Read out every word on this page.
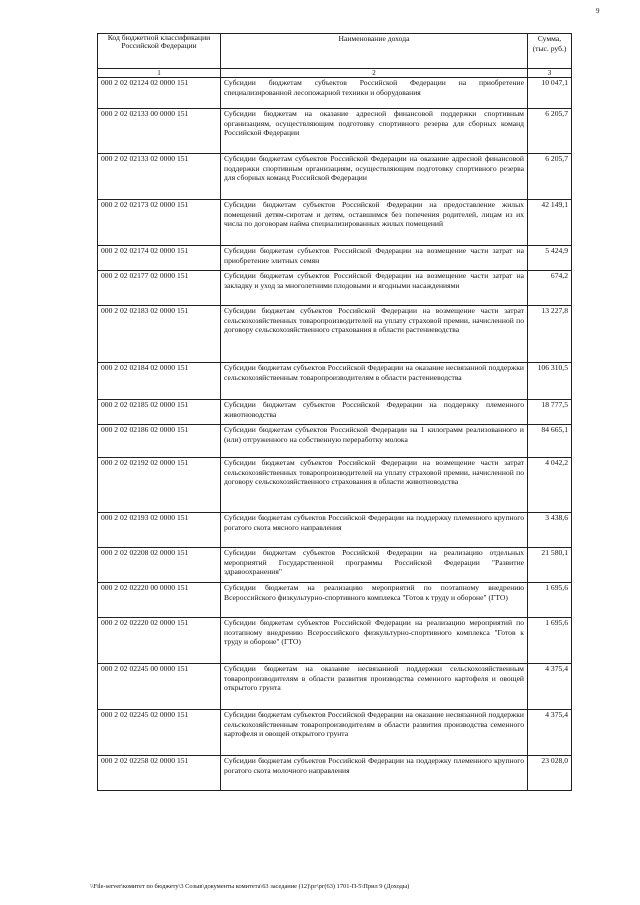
9
Код бюджетной классификации Российской Федерации	Наименование дохода	Сумма, (тыс. руб.)
1	2	3
000 2 02 02124 02 0000 151	Субсидии бюджетам субъектов Российской Федерации на приобретение специализированной лесопожарной техники и оборудования	10 047,1
000 2 02 02133 00 0000 151	Субсидии бюджетам на оказание адресной финансовой поддержки спортивным организациям, осуществляющим подготовку спортивного резерва для сборных команд Российской Федерации	6 205,7
000 2 02 02133 02 0000 151	Субсидии бюджетам субъектов Российской Федерации на оказание адресной финансовой поддержки спортивным организациям, осуществляющим подготовку спортивного резерва для сборных команд Российской Федерации	6 205,7
000 2 02 02173 02 0000 151	Субсидии бюджетам субъектов Российской Федерации на предоставление жилых помещений детям-сиротам и детям, оставшимся без попечения родителей, лицам из их числа по договорам найма специализированных жилых помещений	42 149,1
000 2 02 02174 02 0000 151	Субсидии бюджетам субъектов Российской Федерации на возмещение части затрат на приобретение элитных семян	5 424,9
000 2 02 02177 02 0000 151	Субсидии бюджетам субъектов Российской Федерации на возмещение части затрат на закладку и уход за многолетними плодовыми и ягодными насаждениями	674,2
000 2 02 02183 02 0000 151	Субсидии бюджетам субъектов Российской Федерации на возмещение части затрат сельскохозяйственных товаропроизводителей на уплату страховой премии, начисленной по договору сельскохозяйственного страхования в области растениеводства	13 227,8
000 2 02 02184 02 0000 151	Субсидии бюджетам субъектов Российской Федерации на оказание несвязанной поддержки сельскохозяйственным товаропроизводителям в области растениеводства	106 310,5
000 2 02 02185 02 0000 151	Субсидии бюджетам субъектов Российской Федерации на поддержку племенного животноводства	18 777,5
000 2 02 02186 02 0000 151	Субсидии бюджетам субъектов Российской Федерации на 1 килограмм реализованного и (или) отгруженного на собственную переработку молока	84 665,1
000 2 02 02192 02 0000 151	Субсидии бюджетам субъектов Российской Федерации на возмещение части затрат сельскохозяйственных товаропроизводителей на уплату страховой премии, начисленной по договору сельскохозяйственного страхования в области животноводства	4 042,2
000 2 02 02193 02 0000 151	Субсидии бюджетам субъектов Российской Федерации на поддержку племенного крупного рогатого скота мясного направления	3 438,6
000 2 02 02208 02 0000 151	Субсидии бюджетам субъектов Российской Федерации на реализацию отдельных мероприятий Государственной программы Российской Федерации "Развитие здравоохранения"	21 580,1
000 2 02 02220 00 0000 151	Субсидии бюджетам на реализацию мероприятий по поэтапному внедрению Всероссийского физкультурно-спортивного комплекса "Готов к труду и обороне" (ГТО)	1 695,6
000 2 02 02220 02 0000 151	Субсидии бюджетам субъектов Российской Федерации на реализацию мероприятий по поэтапному внедрению Всероссийского физкультурно-спортивного комплекса "Готов к труду и обороне" (ГТО)	1 695,6
000 2 02 02245 00 0000 151	Субсидии бюджетам на оказание несвязанной поддержки сельскохозяйственным товаропроизводителям в области развития производства семенного картофеля и овощей открытого грунта	4 375,4
000 2 02 02245 02 0000 151	Субсидии бюджетам субъектов Российской Федерации на оказание несвязанной поддержки сельскохозяйственным товаропроизводителям в области развития производства семенного картофеля и овощей открытого грунта	4 375,4
000 2 02 02258 02 0000 151	Субсидии бюджетам субъектов Российской Федерации на поддержку племенного крупного рогатого скота молочного направления	23 028,0
\\File-server\комитет по бюджету\3 Созыв\документы комитета\63 заседание (12)\рг\рг(63) 1701-П-5\Прил 9 (Доходы)
